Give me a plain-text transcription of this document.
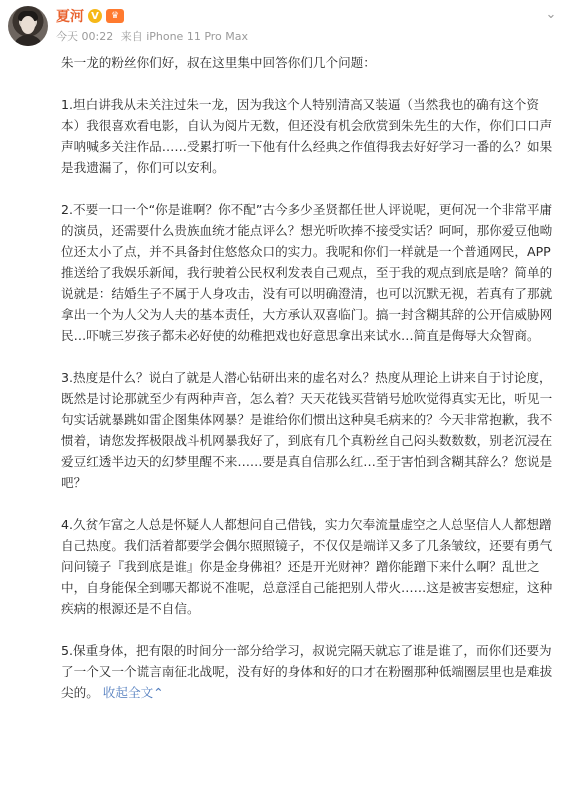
夏河 V	♛
今天 00:22 来自 iPhone 11 Pro Max
⌄

朱一龙的粉丝你们好，叔在这里集中回答你们几个问题：

1.坦白讲我从未关注过朱一龙，因为我这个人特别清高又装逼（当然我也的确有这个资本）我很喜欢看电影，自认为阅片无数，但还没有机会欣赏到朱先生的大作，你们口口声声呐喊多关注作品……受累打听一下他有什么经典之作值得我去好好学习一番的么？如果是我遗漏了，你们可以安利。

2.不要一口一个“你是谁啊？你不配”古今多少圣贤都任世人评说呢，更何况一个非常平庸的演员，还需要什么贵族血统才能点评么？想光听吹捧不接受实话？呵呵，那你爱豆他呦位还太小了点，并不具备封住悠悠众口的实力。我呢和你们一样就是一个普通网民，APP推送给了我娱乐新闻，我行驶着公民权利发表自己观点，至于我的观点到底是啥？简单的说就是：结婚生子不属于人身攻击，没有可以明确澄清，也可以沉默无视，若真有了那就拿出一个为人父为人夫的基本责任，大方承认双喜临门。搞一封含糊其辞的公开信威胁网民…吓唬三岁孩子都未必好使的幼稚把戏也好意思拿出来试水…简直是侮辱大众智商。

3.热度是什么？说白了就是人潜心钻研出来的虚名对么？热度从理论上讲来自于讨论度，既然是讨论那就至少有两种声音，怎么着？天天花钱买营销号尬吹觉得真实无比，听见一句实话就暴跳如雷企图集体网暴？是谁给你们惯出这种臭毛病来的？今天非常抱歉，我不惯着，请您发挥极限战斗机网暴我好了，到底有几个真粉丝自己闷头数数数，别老沉浸在爱豆红透半边天的幻梦里醒不来……要是真自信那么红…至于害怕到含糊其辞么？您说是吧？

4.久贫乍富之人总是怀疑人人都想问自己借钱，实力欠奉流量虚空之人总坚信人人都想蹭自己热度。我们活着都要学会偶尔照照镜子，不仅仅是端详又多了几条皱纹，还要有勇气问问镜子『我到底是谁』你是金身佛祖？还是开光财神？蹭你能蹭下来什么啊？乱世之中，自身能保全到哪天都说不准呢，总意淫自己能把别人带火……这是被害妄想症，这种疾病的根源还是不自信。

5.保重身体，把有限的时间分一部分给学习，叔说完隔天就忘了谁是谁了，而你们还要为了一个又一个谎言南征北战呢，没有好的身体和好的口才在粉圈那种低端圈层里也是难拔尖的。 收起全文⌃
